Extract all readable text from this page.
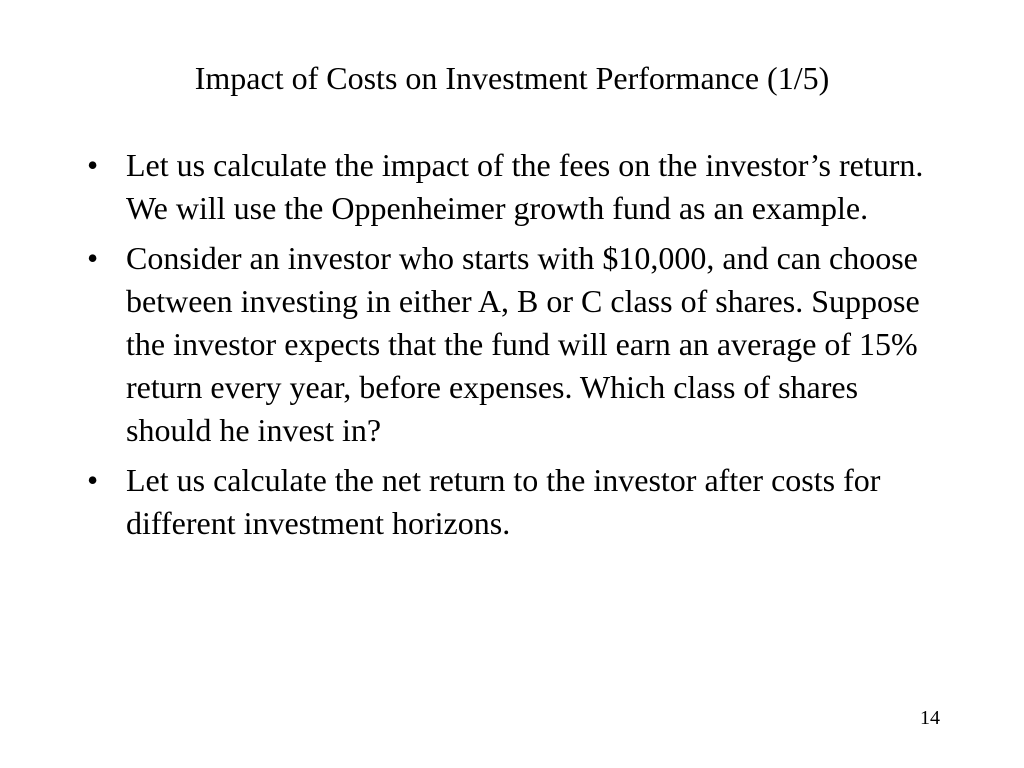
Impact of Costs on Investment Performance (1/5)
• Let us calculate the impact of the fees on the investor’s return. We will use the Oppenheimer growth fund as an example.
• Consider an investor who starts with $10,000, and can choose between investing in either A, B or C class of shares. Suppose the investor expects that the fund will earn an average of 15% return every year, before expenses. Which class of shares should he invest in?
• Let us calculate the net return to the investor after costs for different investment horizons.
14
